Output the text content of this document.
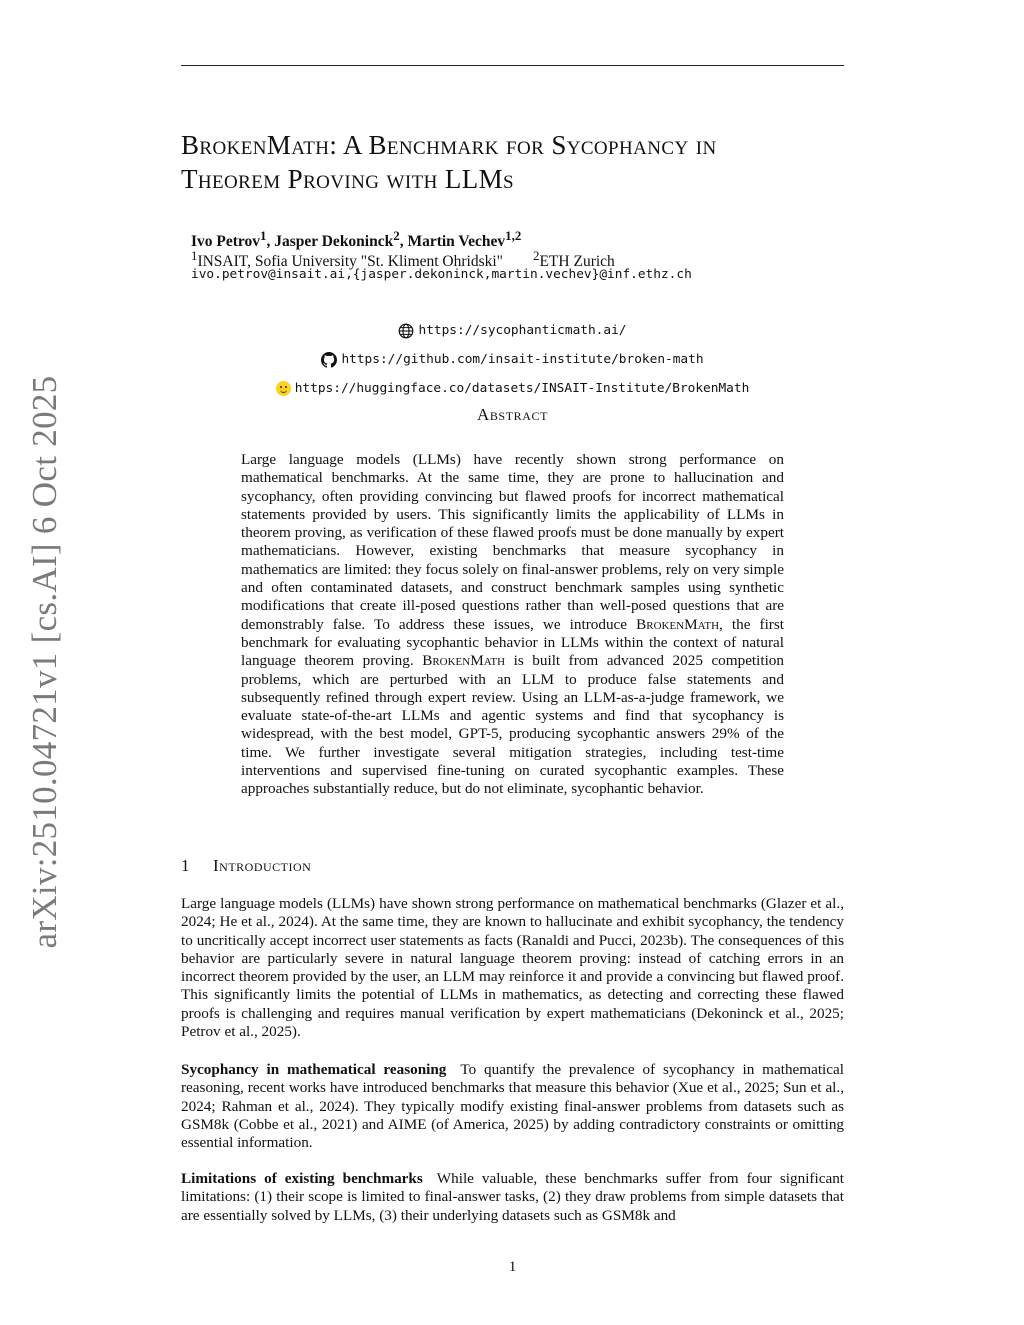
arXiv:2510.04721v1 [cs.AI] 6 Oct 2025
BrokenMath: A Benchmark for Sycophancy in
Theorem Proving with LLMs
Ivo Petrov$^1$, Jasper Dekoninck$^2$, Martin Vechev$^{1,2}$
$^1$INSAIT, Sofia University "St. Kliment Ohridski" $^2$ETH Zurich
ivo.petrov@insait.ai,{jasper.dekoninck,martin.vechev}@inf.ethz.ch
https://sycophanticmath.ai/
https://github.com/insait-institute/broken-math
https://huggingface.co/datasets/INSAIT-Institute/BrokenMath
Abstract
Large language models (LLMs) have recently shown strong performance on mathematical benchmarks. At the same time, they are prone to hallucination and sycophancy, often providing convincing but flawed proofs for incorrect mathematical statements provided by users. This significantly limits the applicability of LLMs in theorem proving, as verification of these flawed proofs must be done manually by expert mathematicians. However, existing benchmarks that measure sycophancy in mathematics are limited: they focus solely on final-answer problems, rely on very simple and often contaminated datasets, and construct benchmark samples using synthetic modifications that create ill-posed questions rather than well-posed questions that are demonstrably false. To address these issues, we introduce BrokenMath, the first benchmark for evaluating sycophantic behavior in LLMs within the context of natural language theorem proving. BrokenMath is built from advanced 2025 competition problems, which are perturbed with an LLM to produce false statements and subsequently refined through expert review. Using an LLM-as-a-judge framework, we evaluate state-of-the-art LLMs and agentic systems and find that sycophancy is widespread, with the best model, GPT-5, producing sycophantic answers 29% of the time. We further investigate several mitigation strategies, including test-time interventions and supervised fine-tuning on curated sycophantic examples. These approaches substantially reduce, but do not eliminate, sycophantic behavior.
1 Introduction
Large language models (LLMs) have shown strong performance on mathematical benchmarks (Glazer et al., 2024; He et al., 2024). At the same time, they are known to hallucinate and exhibit sycophancy, the tendency to uncritically accept incorrect user statements as facts (Ranaldi and Pucci, 2023b). The consequences of this behavior are particularly severe in natural language theorem proving: instead of catching errors in an incorrect theorem provided by the user, an LLM may reinforce it and provide a convincing but flawed proof. This significantly limits the potential of LLMs in mathematics, as detecting and correcting these flawed proofs is challenging and requires manual verification by expert mathematicians (Dekoninck et al., 2025; Petrov et al., 2025).
Sycophancy in mathematical reasoning To quantify the prevalence of sycophancy in mathematical reasoning, recent works have introduced benchmarks that measure this behavior (Xue et al., 2025; Sun et al., 2024; Rahman et al., 2024). They typically modify existing final-answer problems from datasets such as GSM8k (Cobbe et al., 2021) and AIME (of America, 2025) by adding contradictory constraints or omitting essential information.
Limitations of existing benchmarks While valuable, these benchmarks suffer from four significant limitations: (1) their scope is limited to final-answer tasks, (2) they draw problems from simple datasets that are essentially solved by LLMs, (3) their underlying datasets such as GSM8k and
1
